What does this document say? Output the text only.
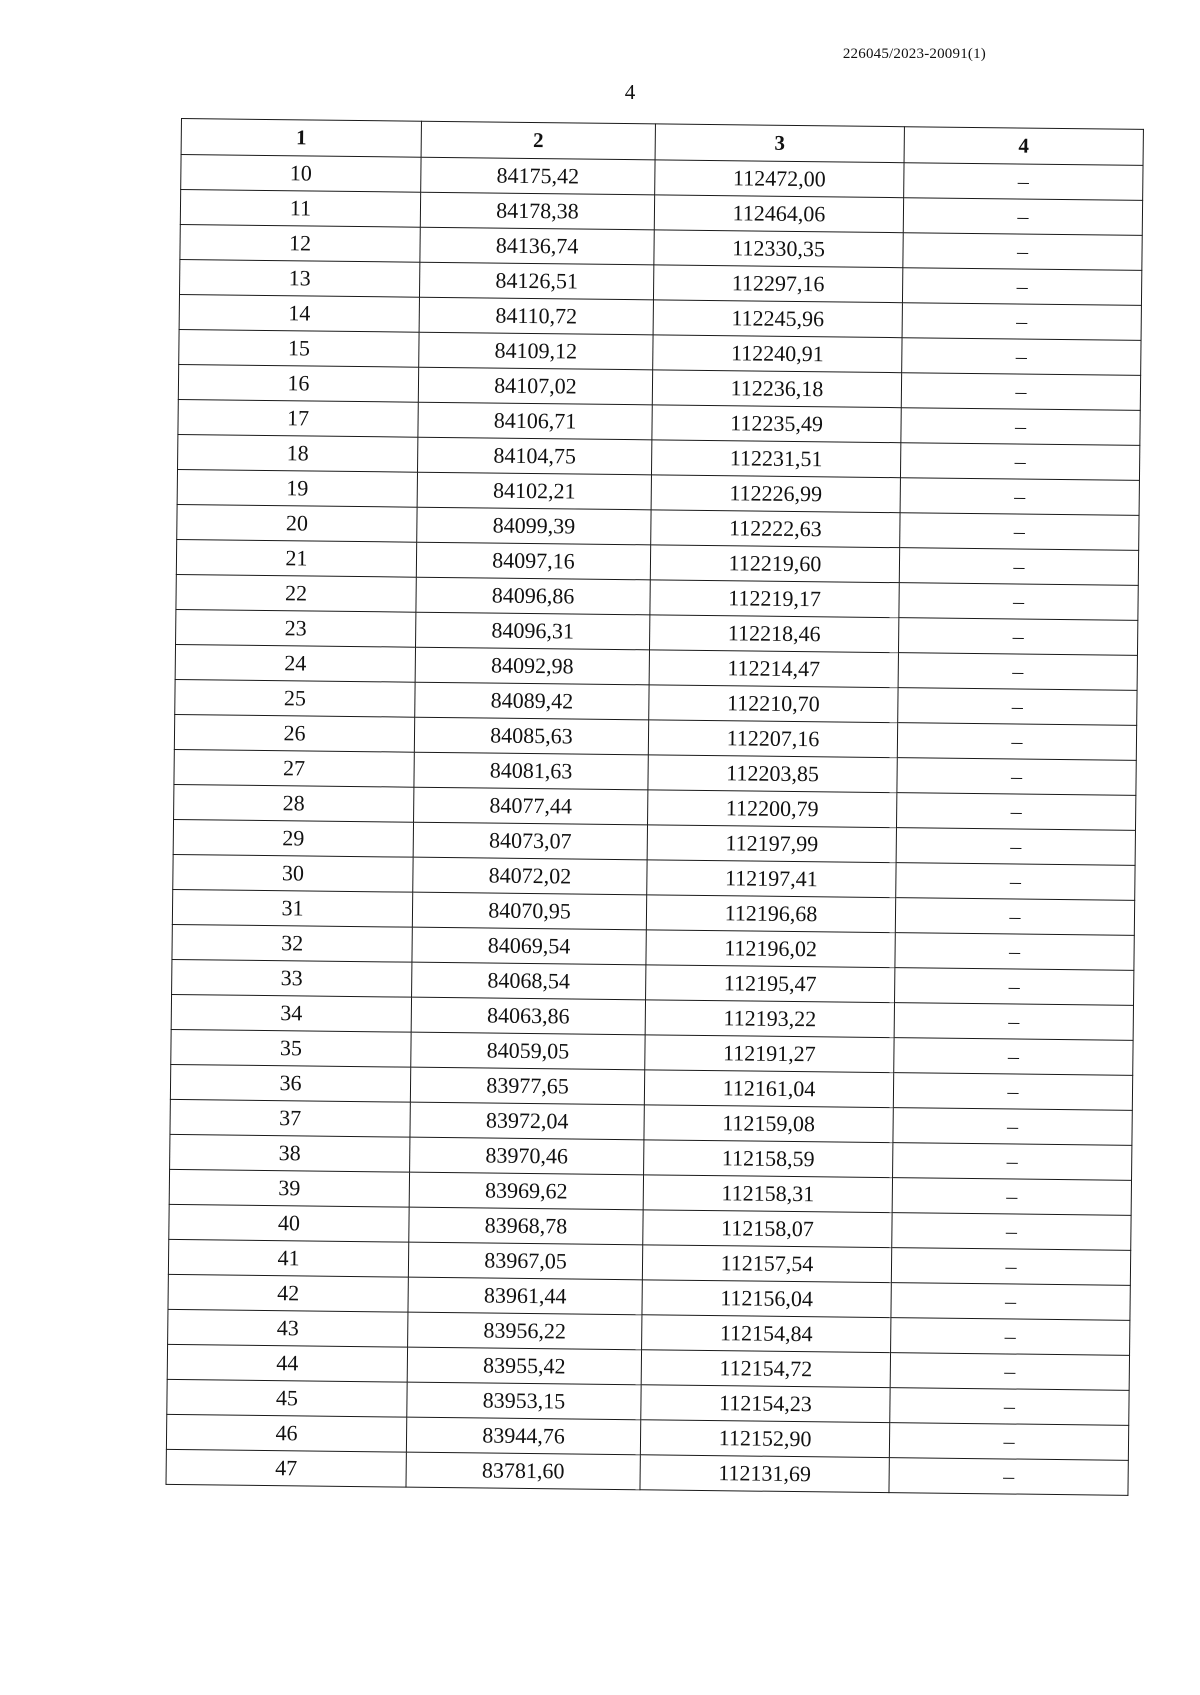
226045/2023-20091(1)
4
1	2	3	4
10	84175,42	112472,00	–
11	84178,38	112464,06	–
12	84136,74	112330,35	–
13	84126,51	112297,16	–
14	84110,72	112245,96	–
15	84109,12	112240,91	–
16	84107,02	112236,18	–
17	84106,71	112235,49	–
18	84104,75	112231,51	–
19	84102,21	112226,99	–
20	84099,39	112222,63	–
21	84097,16	112219,60	–
22	84096,86	112219,17	–
23	84096,31	112218,46	–
24	84092,98	112214,47	–
25	84089,42	112210,70	–
26	84085,63	112207,16	–
27	84081,63	112203,85	–
28	84077,44	112200,79	–
29	84073,07	112197,99	–
30	84072,02	112197,41	–
31	84070,95	112196,68	–
32	84069,54	112196,02	–
33	84068,54	112195,47	–
34	84063,86	112193,22	–
35	84059,05	112191,27	–
36	83977,65	112161,04	–
37	83972,04	112159,08	–
38	83970,46	112158,59	–
39	83969,62	112158,31	–
40	83968,78	112158,07	–
41	83967,05	112157,54	–
42	83961,44	112156,04	–
43	83956,22	112154,84	–
44	83955,42	112154,72	–
45	83953,15	112154,23	–
46	83944,76	112152,90	–
47	83781,60	112131,69	–
